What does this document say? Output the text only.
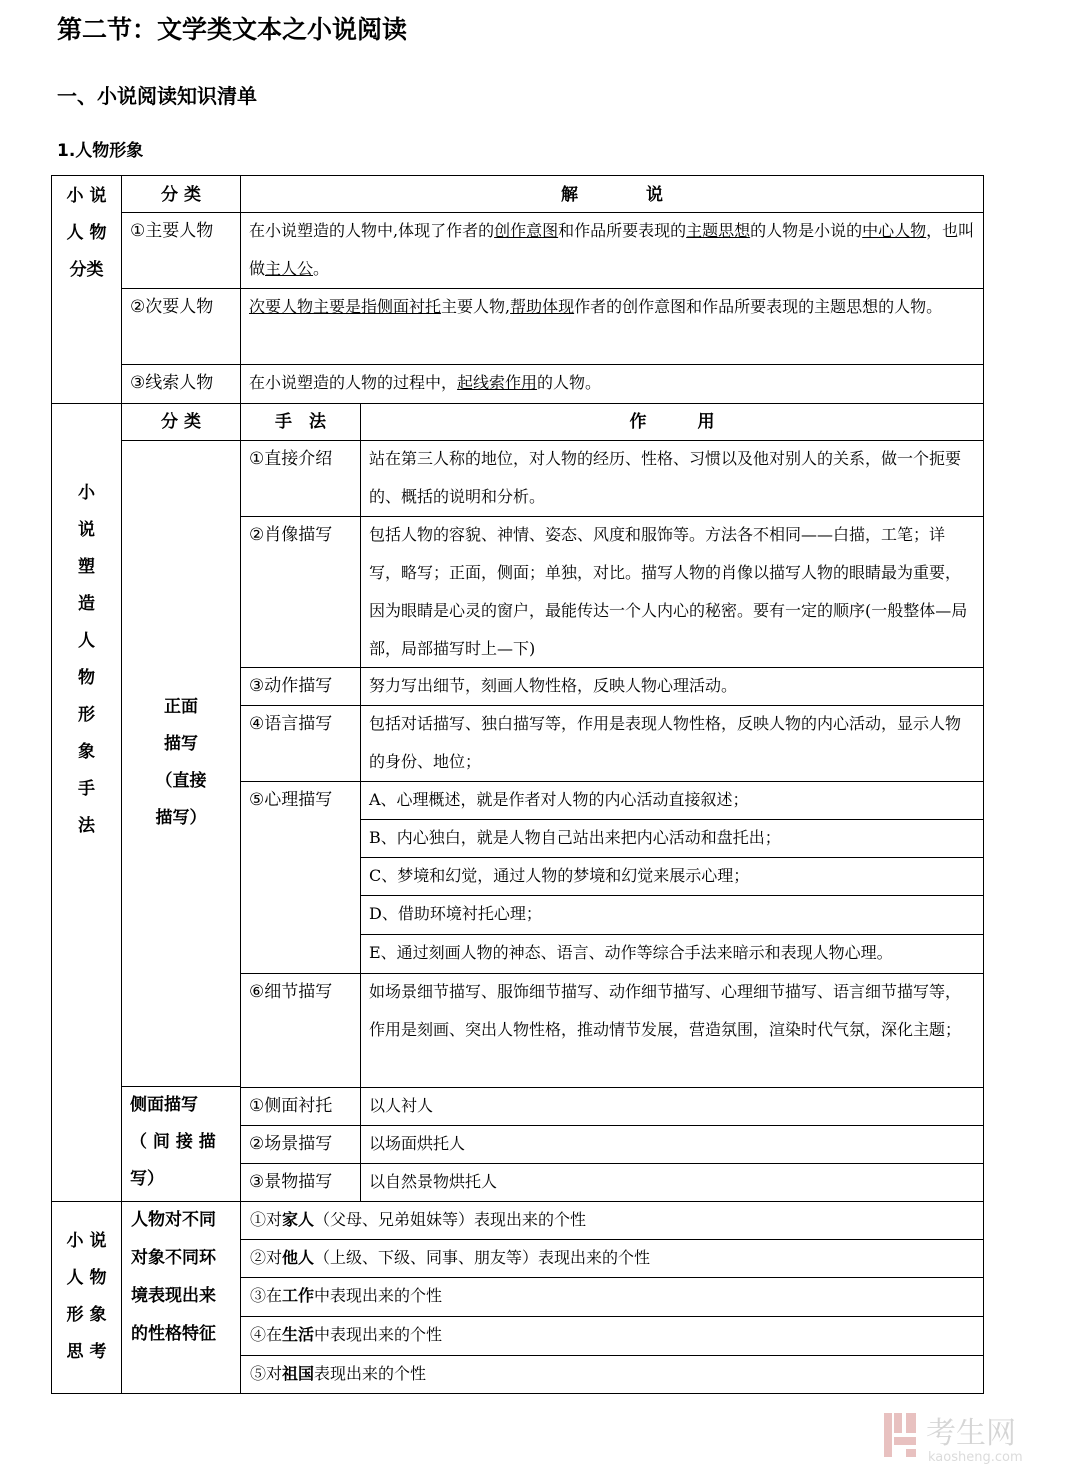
第二节：文学类文本之小说阅读
一、小说阅读知识清单
1.人物形象
小 说
人 物
分类
分 类	解　　　　说
①主要人物	在小说塑造的人物中,体现了作者的创作意图和作品所要表现的主题思想的人物是小说的中心人物，也叫做主人公。
②次要人物	次要人物主要是指侧面衬托主要人物,帮助体现作者的创作意图和作品所要表现的主题思想的人物。
③线索人物	在小说塑造的人物的过程中，起线索作用的人物。
小
说
塑
造
人
物
形
象
手
法
分 类	手　法	作　　　用
正面
描写
（直接
描写）
①直接介绍	站在第三人称的地位，对人物的经历、性格、习惯以及他对别人的关系，做一个扼要的、概括的说明和分析。
②肖像描写	包括人物的容貌、神情、姿态、风度和服饰等。方法各不相同——白描，工笔；详写，略写；正面，侧面；单独，对比。描写人物的肖像以描写人物的眼睛最为重要，因为眼睛是心灵的窗户，最能传达一个人内心的秘密。要有一定的顺序(一般整体—局部，局部描写时上—下)
③动作描写	努力写出细节，刻画人物性格，反映人物心理活动。
④语言描写	包括对话描写、独白描写等，作用是表现人物性格，反映人物的内心活动，显示人物的身份、地位；
⑤心理描写	A、心理概述，就是作者对人物的内心活动直接叙述；
B、内心独白，就是人物自己站出来把内心活动和盘托出；
C、梦境和幻觉，通过人物的梦境和幻觉来展示心理；
D、借助环境衬托心理；
E、通过刻画人物的神态、语言、动作等综合手法来暗示和表现人物心理。
⑥细节描写	如场景细节描写、服饰细节描写、动作细节描写、心理细节描写、语言细节描写等，作用是刻画、突出人物性格，推动情节发展，营造氛围，渲染时代气氛，深化主题；
侧面描写
（ 间 接 描
写）
①侧面衬托	以人衬人
②场景描写	以场面烘托人
③景物描写	以自然景物烘托人
小 说
人 物
形 象
思 考
人物对不同
对象不同环
境表现出来
的性格特征
①对家人（父母、兄弟姐妹等）表现出来的个性
②对他人（上级、下级、同事、朋友等）表现出来的个性
③在工作中表现出来的个性
④在生活中表现出来的个性
⑤对祖国表现出来的个性
考生网
kaosheng.com
